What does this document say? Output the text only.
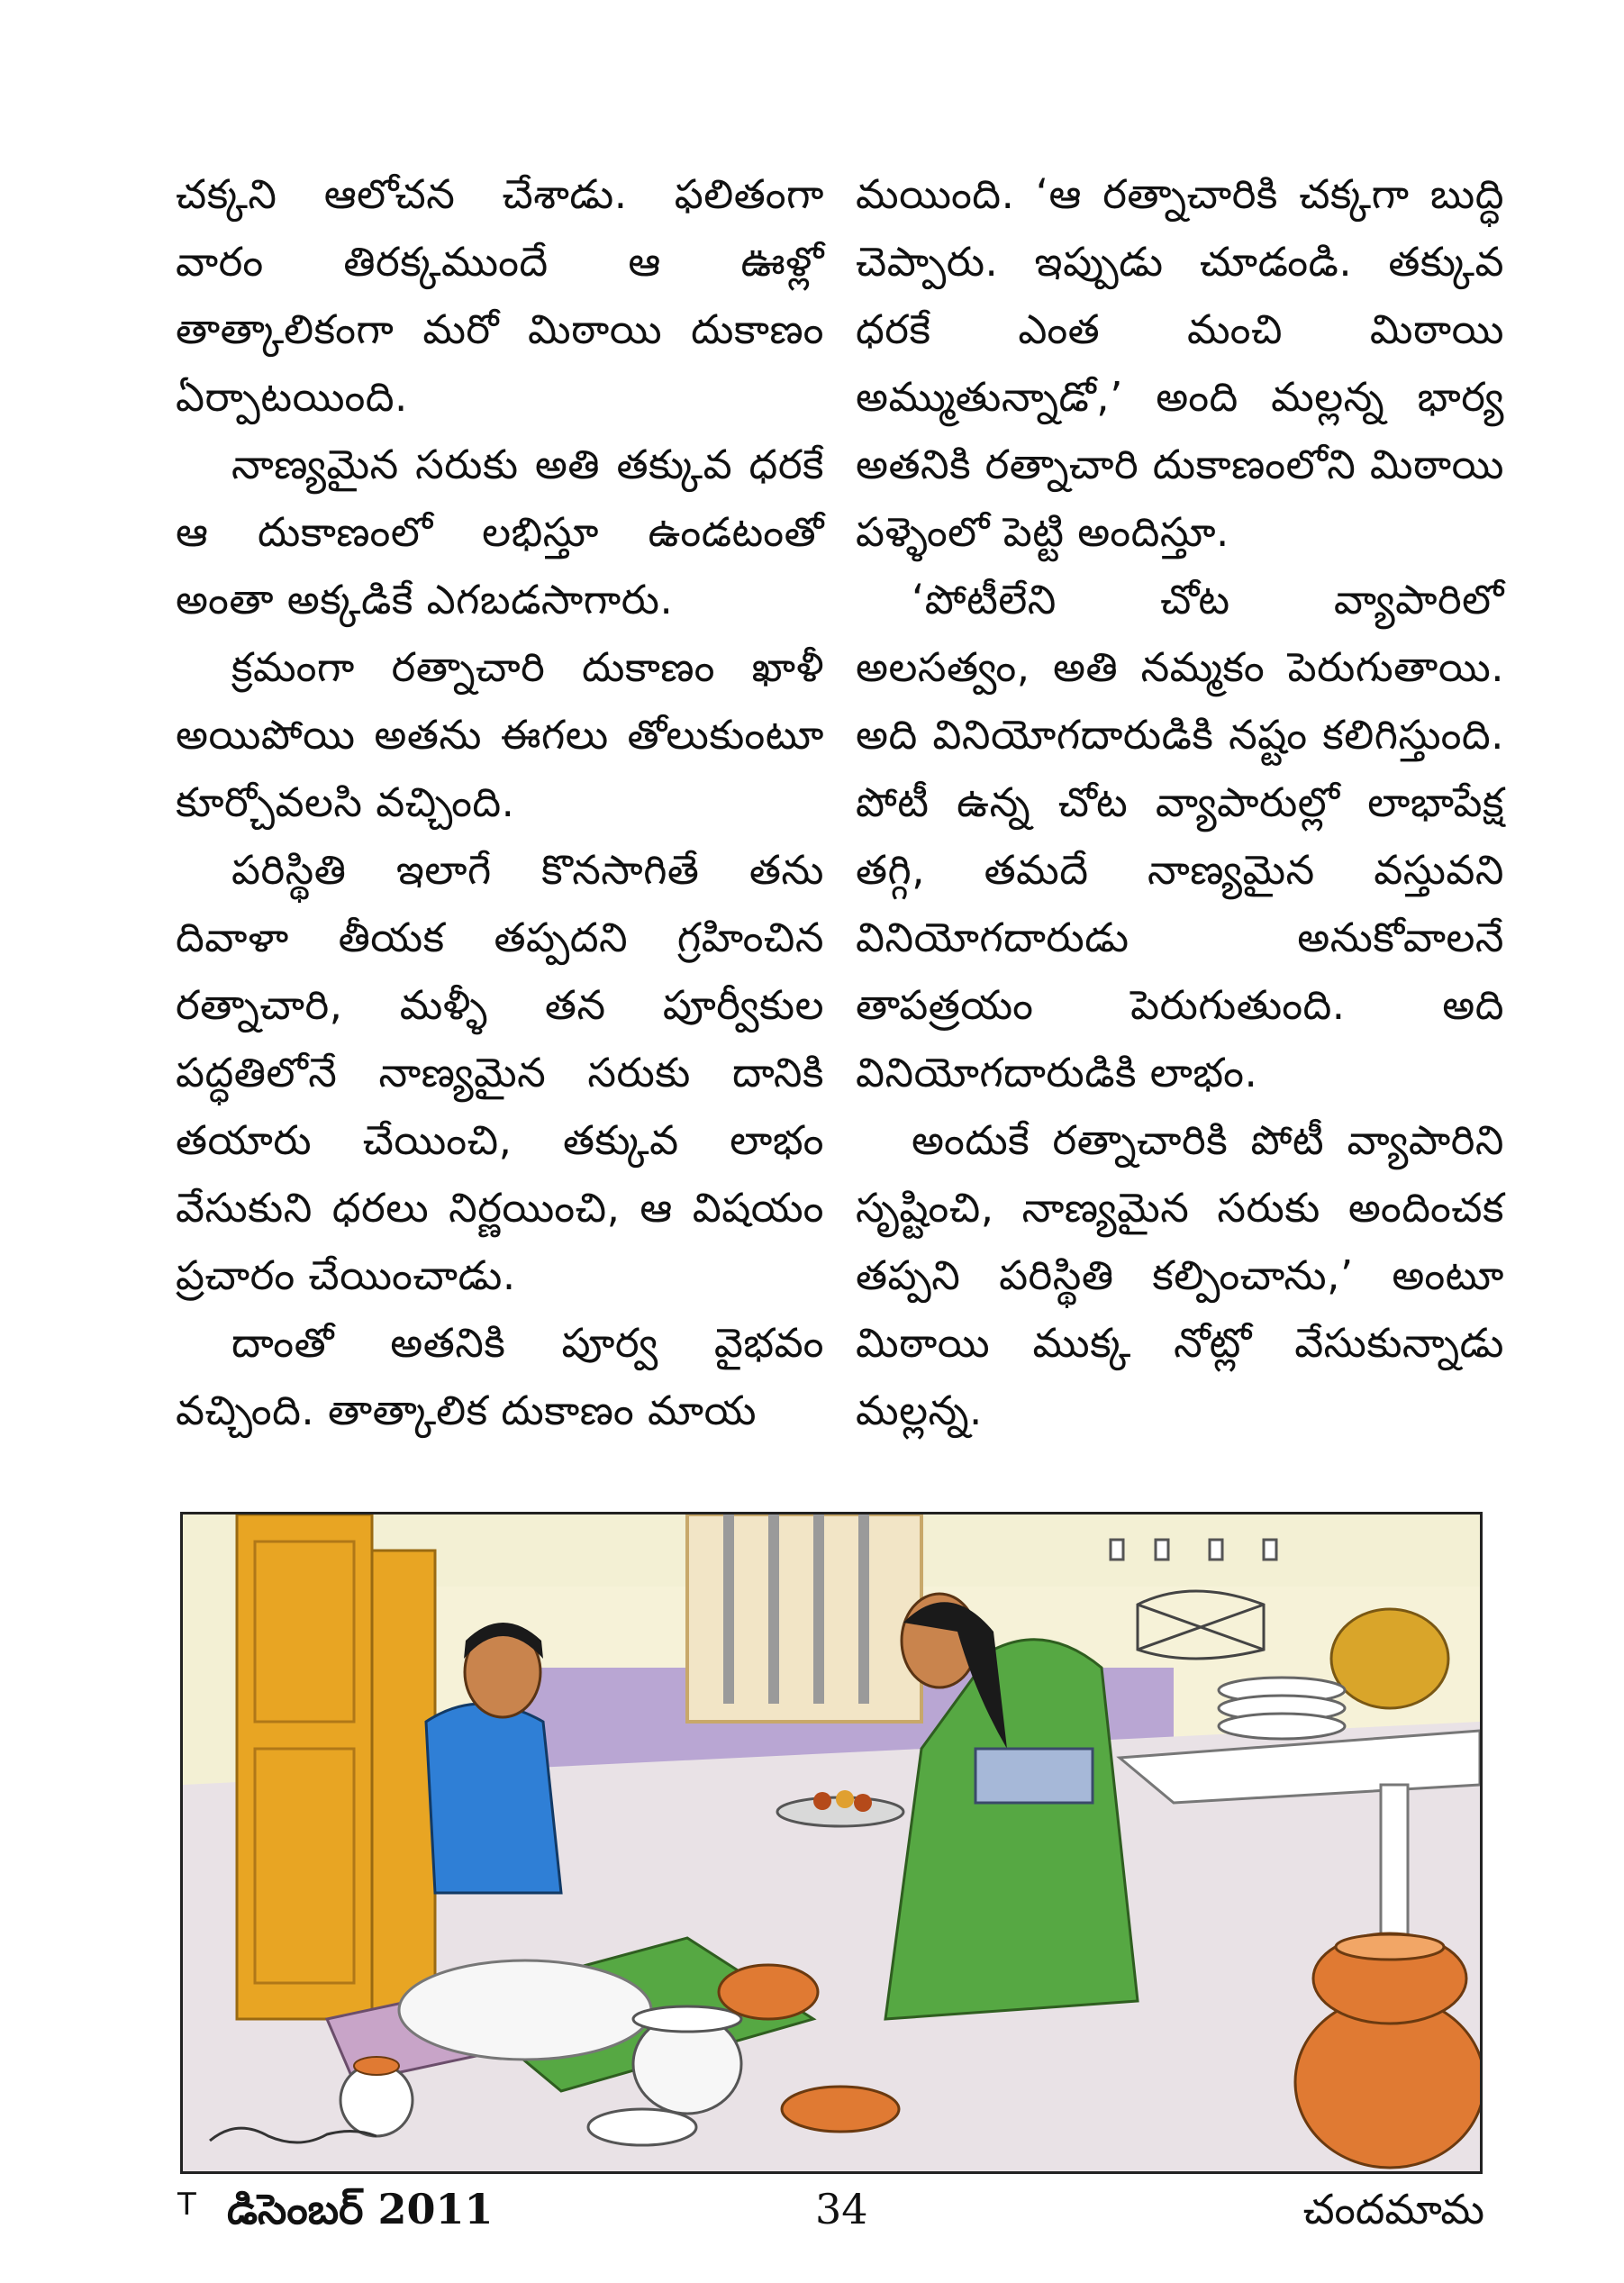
చక్కని ఆలోచన చేశాడు. ఫలితంగా వారం తిరక్కముందే ఆ ఊళ్లో తాత్కాలికంగా మరో మిఠాయి దుకాణం ఏర్పాటయింది.

నాణ్యమైన సరుకు అతి తక్కువ ధరకే ఆ దుకాణంలో లభిస్తూ ఉండటంతో అంతా అక్కడికే ఎగబడసాగారు.

క్రమంగా రత్నాచారి దుకాణం ఖాళీ అయిపోయి అతను ఈగలు తోలుకుంటూ కూర్చోవలసి వచ్చింది.

పరిస్థితి ఇలాగే కొనసాగితే తను దివాళా తీయక తప్పదని గ్రహించిన రత్నాచారి, మళ్ళీ తన పూర్వీకుల పద్ధతిలోనే నాణ్యమైన సరుకు దానికి తయారు చేయించి, తక్కువ లాభం వేసుకుని ధరలు నిర్ణయించి, ఆ విషయం ప్రచారం చేయించాడు.

దాంతో అతనికి పూర్వ వైభవం వచ్చింది. తాత్కాలిక దుకాణం మాయ

మయింది. ‘ఆ రత్నాచారికి చక్కగా బుద్ధి చెప్పారు. ఇప్పుడు చూడండి. తక్కువ ధరకే ఎంత మంచి మిఠాయి అమ్ముతున్నాడో,’ అంది మల్లన్న భార్య అతనికి రత్నాచారి దుకాణంలోని మిఠాయి పళ్ళెంలో పెట్టి అందిస్తూ.

‘పోటీలేని చోట వ్యాపారిలో అలసత్వం, అతి నమ్మకం పెరుగుతాయి. అది వినియోగదారుడికి నష్టం కలిగిస్తుంది. పోటీ ఉన్న చోట వ్యాపారుల్లో లాభాపేక్ష తగ్గి, తమదే నాణ్యమైన వస్తువని వినియోగదారుడు అనుకోవాలనే తాపత్రయం పెరుగుతుంది. అది వినియోగదారుడికి లాభం.

అందుకే రత్నాచారికి పోటీ వ్యాపారిని సృష్టించి, నాణ్యమైన సరుకు అందించక తప్పని పరిస్థితి కల్పించాను,’ అంటూ మిఠాయి ముక్క నోట్లో వేసుకున్నాడు మల్లన్న.

T డిసెంబర్ 2011	34	చందమామ
